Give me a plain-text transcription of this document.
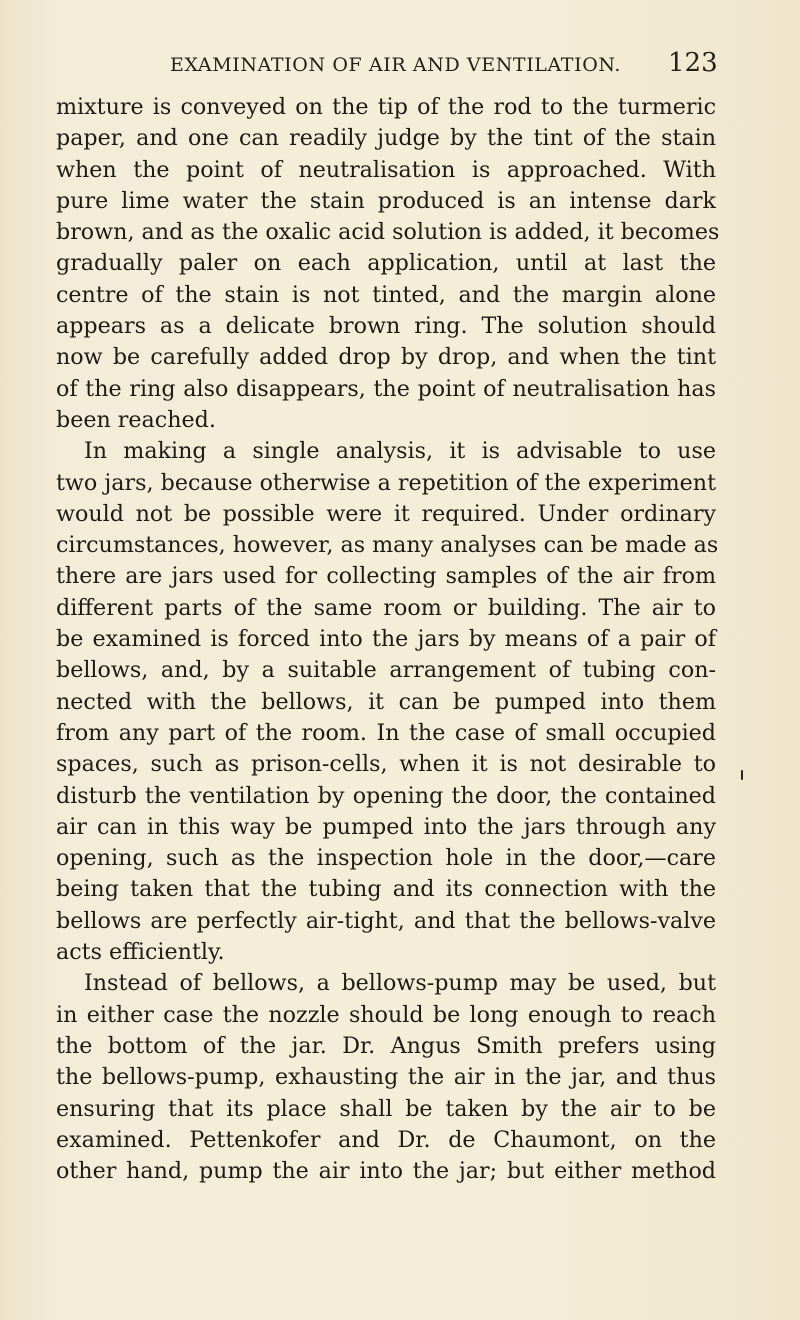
EXAMINATION OF AIR AND VENTILATION. 123
mixture is conveyed on the tip of the rod to the turmeric
paper, and one can readily judge by the tint of the stain
when the point of neutralisation is approached. With
pure lime water the stain produced is an intense dark
brown, and as the oxalic acid solution is added, it becomes
gradually paler on each application, until at last the
centre of the stain is not tinted, and the margin alone
appears as a delicate brown ring. The solution should
now be carefully added drop by drop, and when the tint
of the ring also disappears, the point of neutralisation has
been reached.
In making a single analysis, it is advisable to use
two jars, because otherwise a repetition of the experiment
would not be possible were it required. Under ordinary
circumstances, however, as many analyses can be made as
there are jars used for collecting samples of the air from
different parts of the same room or building. The air to
be examined is forced into the jars by means of a pair of
bellows, and, by a suitable arrangement of tubing con-
nected with the bellows, it can be pumped into them
from any part of the room. In the case of small occupied
spaces, such as prison-cells, when it is not desirable to
disturb the ventilation by opening the door, the contained
air can in this way be pumped into the jars through any
opening, such as the inspection hole in the door,—care
being taken that the tubing and its connection with the
bellows are perfectly air-tight, and that the bellows-valve
acts efficiently.
Instead of bellows, a bellows-pump may be used, but
in either case the nozzle should be long enough to reach
the bottom of the jar. Dr. Angus Smith prefers using
the bellows-pump, exhausting the air in the jar, and thus
ensuring that its place shall be taken by the air to be
examined. Pettenkofer and Dr. de Chaumont, on the
other hand, pump the air into the jar; but either method
